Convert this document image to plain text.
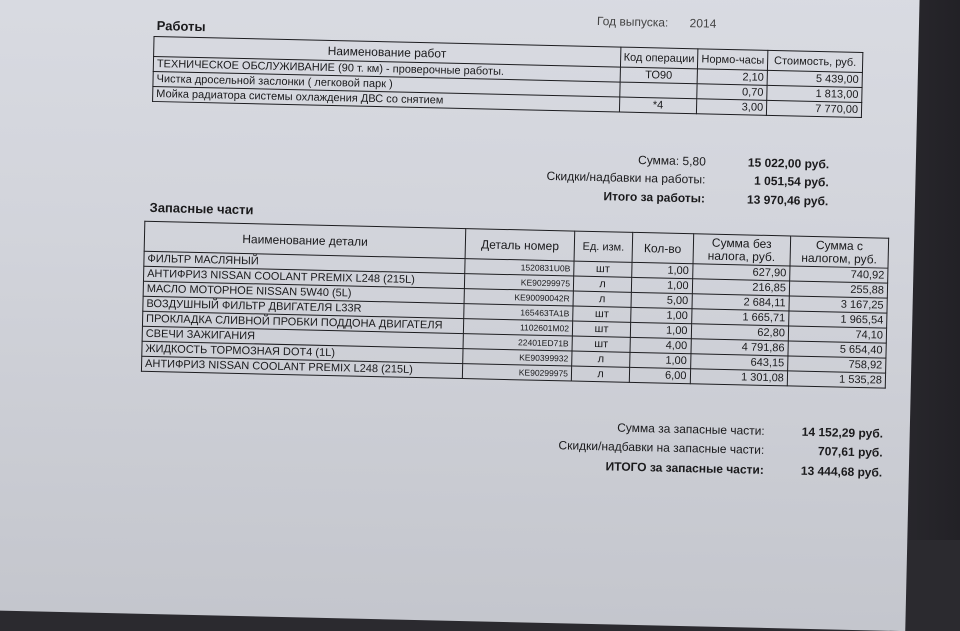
Год выпуска: 2014
Работы
Наименование работ	Код операции	Нормо-часы	Стоимость, руб.
ТЕХНИЧЕСКОЕ ОБСЛУЖИВАНИЕ (90 т. км) - проверочные работы.	ТО90	2,10	5 439,00
Чистка дросельной заслонки ( легковой парк )		0,70	1 813,00
Мойка радиатора системы охлаждения ДВС со снятием	*4	3,00	7 770,00
Сумма: 5,80	15 022,00 руб.
Скидки/надбавки на работы:	1 051,54 руб.
Итого за работы:	13 970,46 руб.
Запасные части
Наименование детали	Деталь номер	Ед. изм.	Кол-во	Сумма без налога, руб.	Сумма с налогом, руб.
ФИЛЬТР МАСЛЯНЫЙ	1520831U0B	шт	1,00	627,90	740,92
АНТИФРИЗ NISSAN COOLANT PREMIX L248 (215L)	KE90299975	л	1,00	216,85	255,88
МАСЛО МОТОРНОЕ NISSAN 5W40 (5L)	KE90090042R	л	5,00	2 684,11	3 167,25
ВОЗДУШНЫЙ ФИЛЬТР ДВИГАТЕЛЯ L33R	165463TA1B	шт	1,00	1 665,71	1 965,54
ПРОКЛАДКА СЛИВНОЙ ПРОБКИ ПОДДОНА ДВИГАТЕЛЯ	1102601M02	шт	1,00	62,80	74,10
СВЕЧИ ЗАЖИГАНИЯ	22401ED71B	шт	4,00	4 791,86	5 654,40
ЖИДКОСТЬ ТОРМОЗНАЯ DOT4 (1L)	KE90399932	л	1,00	643,15	758,92
АНТИФРИЗ NISSAN COOLANT PREMIX L248 (215L)	KE90299975	л	6,00	1 301,08	1 535,28
Сумма за запасные части:	14 152,29 руб.
Скидки/надбавки на запасные части:	707,61 руб.
ИТОГО за запасные части:	13 444,68 руб.
